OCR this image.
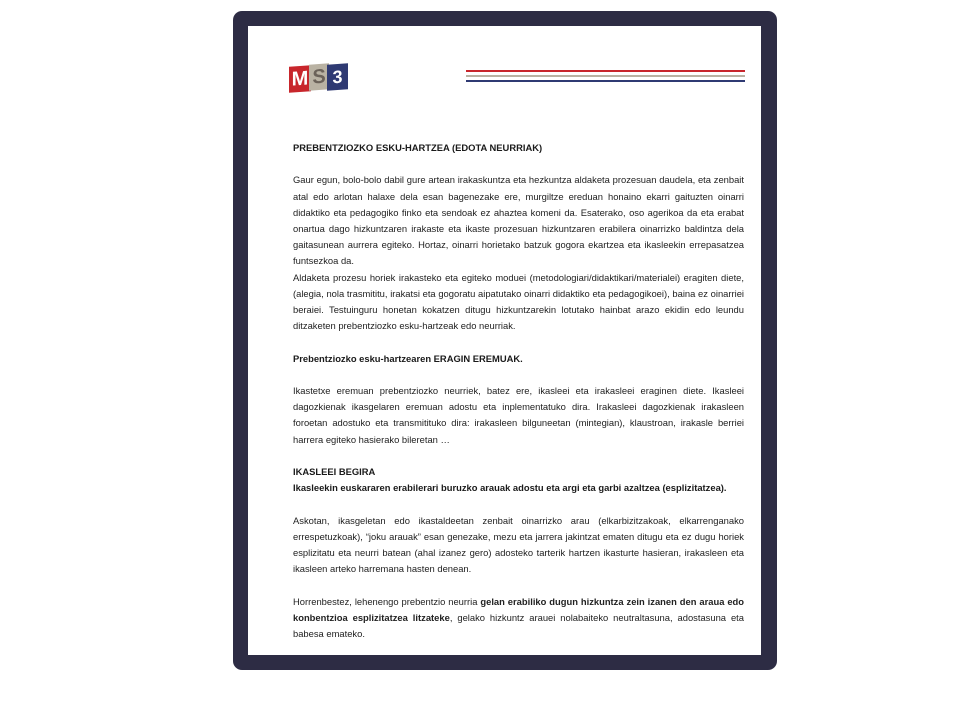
M S 3

PREBENTZIOZKO ESKU-HARTZEA (EDOTA NEURRIAK)

Gaur egun, bolo-bolo dabil gure artean irakaskuntza eta hezkuntza aldaketa prozesuan daudela, eta zenbait atal edo arlotan halaxe dela esan bagenezake ere, murgiltze ereduan honaino ekarri gaituzten oinarri didaktiko eta pedagogiko finko eta sendoak ez ahaztea komeni da. Esaterako, oso agerikoa da eta erabat onartua dago hizkuntzaren irakaste eta ikaste prozesuan hizkuntzaren erabilera oinarrizko baldintza dela gaitasunean aurrera egiteko. Hortaz, oinarri horietako batzuk gogora ekartzea eta ikasleekin errepasatzea funtsezkoa da.

Aldaketa prozesu horiek irakasteko eta egiteko moduei (metodologiari/didaktikari/materialei) eragiten diete, (alegia, nola trasmititu, irakatsi eta gogoratu aipatutako oinarri didaktiko eta pedagogikoei), baina ez oinarriei beraiei. Testuinguru honetan kokatzen ditugu hizkuntzarekin lotutako hainbat arazo ekidin edo leundu ditzaketen prebentziozko esku-hartzeak edo neurriak.

Prebentziozko esku-hartzearen ERAGIN EREMUAK.

Ikastetxe eremuan prebentziozko neurriek, batez ere, ikasleei eta irakasleei eraginen diete. Ikasleei dagozkienak ikasgelaren eremuan adostu eta inplementatuko dira. Irakasleei dagozkienak irakasleen foroetan adostuko eta transmitituko dira: irakasleen bilguneetan (mintegian), klaustroan, irakasle berriei harrera egiteko hasierako bileretan …

IKASLEEI BEGIRA

Ikasleekin euskararen erabilerari buruzko arauak adostu eta argi eta garbi azaltzea (esplizitatzea).

Askotan, ikasgeletan edo ikastaldeetan zenbait oinarrizko arau (elkarbizitzakoak, elkarrenganako errespetuzkoak), “joku arauak” esan genezake, mezu eta jarrera jakintzat ematen ditugu eta ez dugu horiek esplizitatu eta neurri batean (ahal izanez gero) adosteko tarterik hartzen ikasturte hasieran, irakasleen eta ikasleen arteko harremana hasten denean.

Horrenbestez, lehenengo prebentzio neurria gelan erabiliko dugun hizkuntza zein izanen den araua edo konbentzioa esplizitatzea litzateke, gelako hizkuntz arauei nolabaiteko neutraltasuna, adostasuna eta babesa emateko.
